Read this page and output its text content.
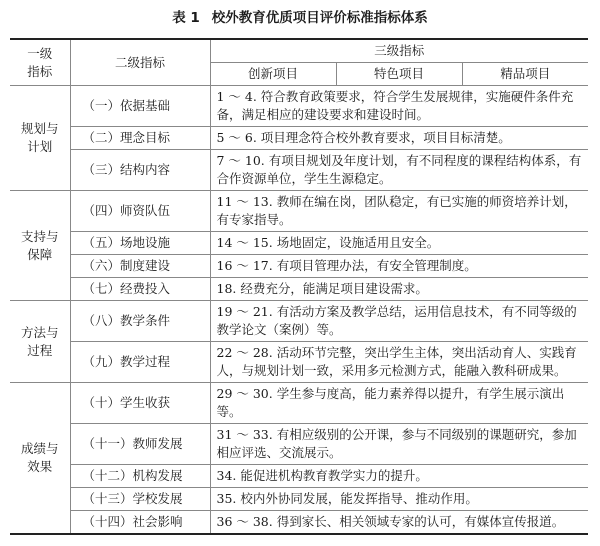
表 1 校外教育优质项目评价标准指标体系
一级
指标	二级指标	三级指标		
		创新项目	特色项目	精品项目
规划与
计划	（一）依据基础	1 ～ 4. 符合教育政策要求，符合学生发展规律，实施硬件条件充备，满足相应的建设要求和建设时间。		
	（二）理念目标	5 ～ 6. 项目理念符合校外教育要求，项目目标清楚。		
	（三）结构内容	7 ～ 10. 有项目规划及年度计划，有不同程度的课程结构体系，有合作资源单位，学生生源稳定。		
支持与
保障	（四）师资队伍	11 ～ 13. 教师在编在岗，团队稳定，有已实施的师资培养计划，有专家指导。		
	（五）场地设施	14 ～ 15. 场地固定，设施适用且安全。		
	（六）制度建设	16 ～ 17. 有项目管理办法，有安全管理制度。		
	（七）经费投入	18. 经费充分，能满足项目建设需求。		
方法与
过程	（八）教学条件	19 ～ 21. 有活动方案及教学总结，运用信息技术，有不同等级的教学论文（案例）等。		
	（九）教学过程	22 ～ 28. 活动环节完整，突出学生主体，突出活动育人、实践育人，与规划计划一致，采用多元检测方式，能融入教科研成果。		
成绩与
效果	（十）学生收获	29 ～ 30. 学生参与度高，能力素养得以提升，有学生展示演出等。		
	（十一）教师发展	31 ～ 33. 有相应级别的公开课，参与不同级别的课题研究，参加相应评选、交流展示。		
	（十二）机构发展	34. 能促进机构教育教学实力的提升。		
	（十三）学校发展	35. 校内外协同发展，能发挥指导、推动作用。		
	（十四）社会影响	36 ～ 38. 得到家长、相关领域专家的认可，有媒体宣传报道。		
